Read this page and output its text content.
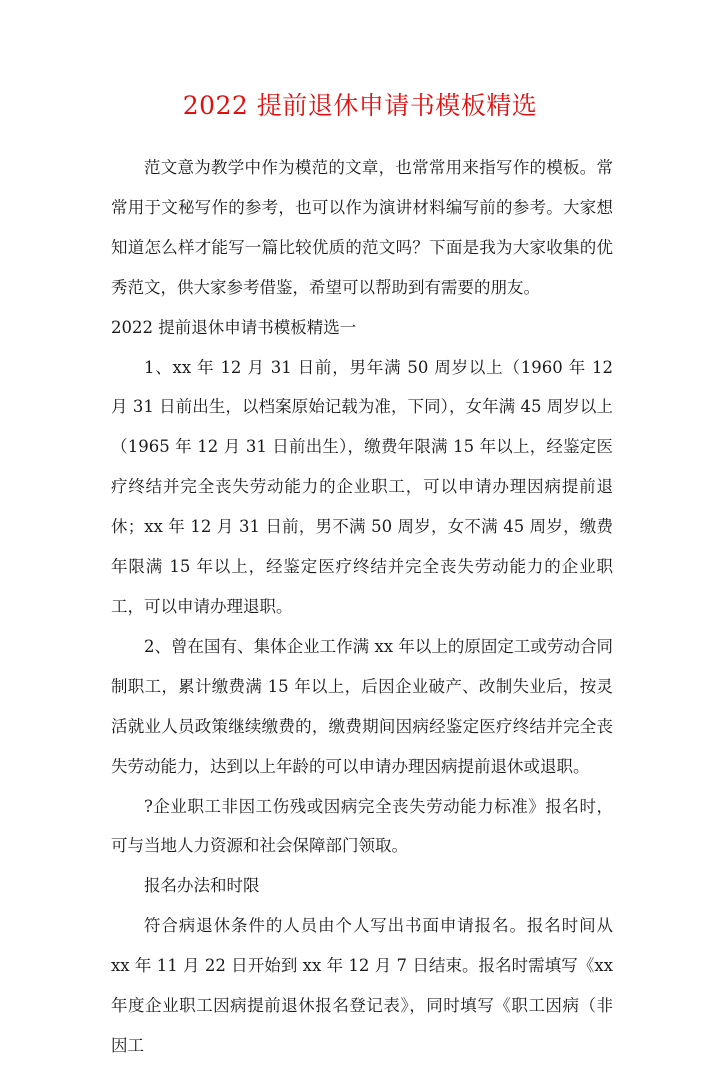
2022 提前退休申请书模板精选

范文意为教学中作为模范的文章，也常常用来指写作的模板。常常用于文秘写作的参考，也可以作为演讲材料编写前的参考。大家想知道怎么样才能写一篇比较优质的范文吗？下面是我为大家收集的优秀范文，供大家参考借鉴，希望可以帮助到有需要的朋友。

2022 提前退休申请书模板精选一

1、xx 年 12 月 31 日前，男年满 50 周岁以上（1960 年 12 月 31 日前出生，以档案原始记载为准，下同），女年满 45 周岁以上（1965 年 12 月 31 日前出生），缴费年限满 15 年以上，经鉴定医疗终结并完全丧失劳动能力的企业职工，可以申请办理因病提前退休；xx 年 12 月 31 日前，男不满 50 周岁，女不满 45 周岁，缴费年限满 15 年以上，经鉴定医疗终结并完全丧失劳动能力的企业职工，可以申请办理退职。

2、曾在国有、集体企业工作满 xx 年以上的原固定工或劳动合同制职工，累计缴费满 15 年以上，后因企业破产、改制失业后，按灵活就业人员政策继续缴费的，缴费期间因病经鉴定医疗终结并完全丧失劳动能力，达到以上年龄的可以申请办理因病提前退休或退职。

?企业职工非因工伤残或因病完全丧失劳动能力标准》报名时，可与当地人力资源和社会保障部门领取。

报名办法和时限

符合病退休条件的人员由个人写出书面申请报名。报名时间从 xx 年 11 月 22 日开始到 xx 年 12 月 7 日结束。报名时需填写《xx 年度企业职工因病提前退休报名登记表》，同时填写《职工因病（非因工
